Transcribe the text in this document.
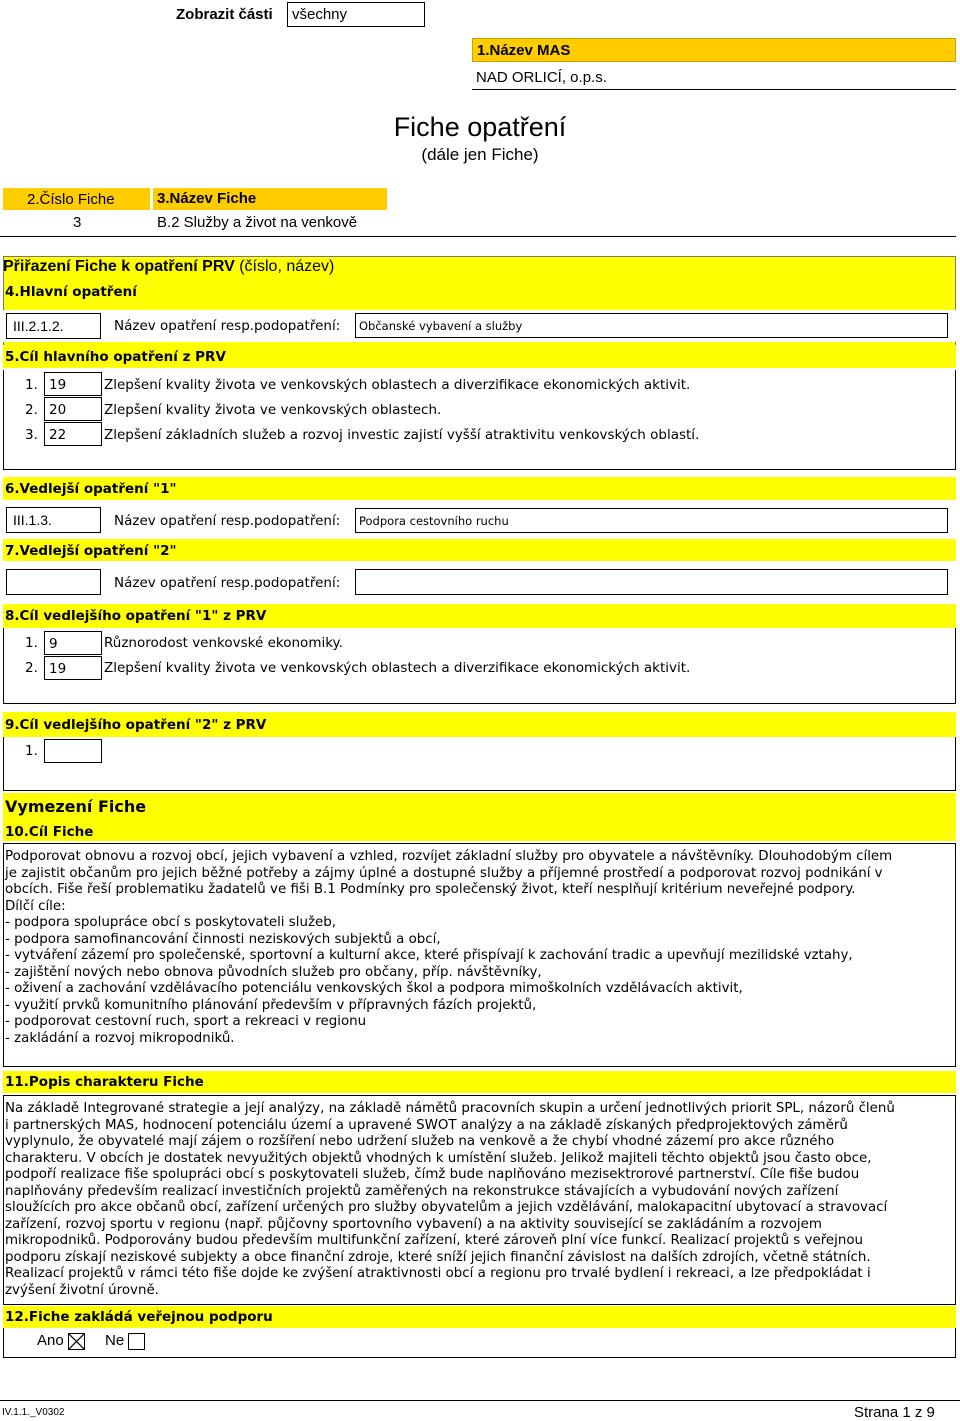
Zobrazit části	všechny
1.Název MAS
NAD ORLICÍ, o.p.s.
Fiche opatření
(dále jen Fiche)
2.Číslo Fiche	3.Název Fiche
3	B.2 Služby a život na venkově
Přiřazení Fiche k opatření PRV (číslo, název)
4.Hlavní opatření
III.2.1.2.	Název opatření resp.podopatření:	Občanské vybavení a služby
5.Cíl hlavního opatření z PRV
1. 19	Zlepšení kvality života ve venkovských oblastech a diverzifikace ekonomických aktivit.
2. 20	Zlepšení kvality života ve venkovských oblastech.
3. 22	Zlepšení základních služeb a rozvoj investic zajistí vyšší atraktivitu venkovských oblastí.
6.Vedlejší opatření "1"
III.1.3.	Název opatření resp.podopatření:	Podpora cestovního ruchu
7.Vedlejší opatření "2"
Název opatření resp.podopatření:
8.Cíl vedlejšího opatření "1" z PRV
1. 9	Různorodost venkovské ekonomiky.
2. 19	Zlepšení kvality života ve venkovských oblastech a diverzifikace ekonomických aktivit.
9.Cíl vedlejšího opatření "2" z PRV
1.
Vymezení Fiche
10.Cíl Fiche
Podporovat obnovu a rozvoj obcí, jejich vybavení a vzhled, rozvíjet základní služby pro obyvatele a návštěvníky. Dlouhodobým cílem
je zajistit občanům pro jejich běžné potřeby a zájmy úplné a dostupné služby a příjemné prostředí a podporovat rozvoj podnikání v
obcích. Fiše řeší problematiku žadatelů ve fiši B.1 Podmínky pro společenský život, kteří nesplňují kritérium neveřejné podpory.
Dílčí cíle:
- podpora spolupráce obcí s poskytovateli služeb,
- podpora samofinancování činnosti neziskových subjektů a obcí,
- vytváření zázemí pro společenské, sportovní a kulturní akce, které přispívají k zachování tradic a upevňují mezilidské vztahy,
- zajištění nových nebo obnova původních služeb pro občany, příp. návštěvníky,
- oživení a zachování vzdělávacího potenciálu venkovských škol a podpora mimoškolních vzdělávacích aktivit,
- využití prvků komunitního plánování především v přípravných fázích projektů,
- podporovat cestovní ruch, sport a rekreaci v regionu
- zakládání a rozvoj mikropodniků.
11.Popis charakteru Fiche
Na základě Integrované strategie a její analýzy, na základě námětů pracovních skupin a určení jednotlivých priorit SPL, názorů členů
i partnerských MAS, hodnocení potenciálu území a upravené SWOT analýzy a na základě získaných předprojektových záměrů
vyplynulo, že obyvatelé mají zájem o rozšíření nebo udržení služeb na venkově a že chybí vhodné zázemí pro akce různého
charakteru. V obcích je dostatek nevyužitých objektů vhodných k umístění služeb. Jelikož majiteli těchto objektů jsou často obce,
podpoří realizace fiše spolupráci obcí s poskytovateli služeb, čímž bude naplňováno mezisektrorové partnerství. Cíle fiše budou
naplňovány především realizací investičních projektů zaměřených na rekonstrukce stávajících a vybudování nových zařízení
sloužících pro akce občanů obcí, zařízení určených pro služby obyvatelům a jejich vzdělávání, malokapacitní ubytovací a stravovací
zařízení, rozvoj sportu v regionu (např. půjčovny sportovního vybavení) a na aktivity související se zakládáním a rozvojem
mikropodniků. Podporovány budou především multifunkční zařízení, které zároveň plní více funkcí. Realizací projektů s veřejnou
podporu získají neziskové subjekty a obce finanční zdroje, které sníží jejich finanční závislost na dalších zdrojích, včetně státních.
Realizací projektů v rámci této fiše dojde ke zvýšení atraktivnosti obcí a regionu pro trvalé bydlení i rekreaci, a lze předpokládat i
zvýšení životní úrovně.
12.Fiche zakládá veřejnou podporu
Ano	Ne
IV.1.1._V0302	Strana 1 z 9
